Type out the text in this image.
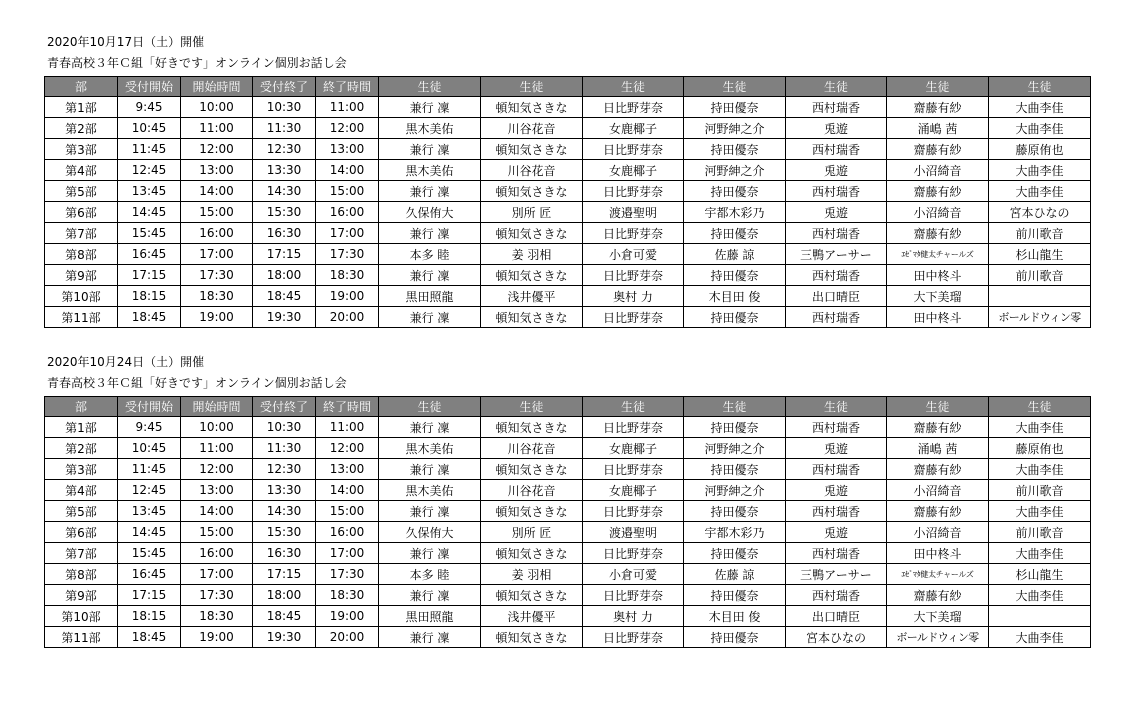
2020年10月17日（土）開催
青春高校３年Ｃ組「好きです」オンライン個別お話し会
部	受付開始	開始時間	受付終了	終了時間	生徒	生徒	生徒	生徒	生徒	生徒	生徒
第1部	9:45	10:00	10:30	11:00	兼行 凜	頓知気さきな	日比野芽奈	持田優奈	西村瑞香	齋藤有紗	大曲李佳
第2部	10:45	11:00	11:30	12:00	黒木美佑	川谷花音	女鹿椰子	河野紳之介	兎遊	涌嶋 茜	大曲李佳
第3部	11:45	12:00	12:30	13:00	兼行 凜	頓知気さきな	日比野芽奈	持田優奈	西村瑞香	齋藤有紗	藤原侑也
第4部	12:45	13:00	13:30	14:00	黒木美佑	川谷花音	女鹿椰子	河野紳之介	兎遊	小沼綺音	大曲李佳
第5部	13:45	14:00	14:30	15:00	兼行 凜	頓知気さきな	日比野芽奈	持田優奈	西村瑞香	齋藤有紗	大曲李佳
第6部	14:45	15:00	15:30	16:00	久保侑大	別所 匠	渡邉聖明	宇都木彩乃	兎遊	小沼綺音	宮本ひなの
第7部	15:45	16:00	16:30	17:00	兼行 凜	頓知気さきな	日比野芽奈	持田優奈	西村瑞香	齋藤有紗	前川歌音
第8部	16:45	17:00	17:15	17:30	本多 睦	姜 羽相	小倉可愛	佐藤 諒	三鴨アーサー	ｴｾﾞﾏﾀ健太チャールズ	杉山龍生
第9部	17:15	17:30	18:00	18:30	兼行 凜	頓知気さきな	日比野芽奈	持田優奈	西村瑞香	田中柊斗	前川歌音
第10部	18:15	18:30	18:45	19:00	黒田照龍	浅井優平	奥村 力	木目田 俊	出口晴臣	大下美瑠	
第11部	18:45	19:00	19:30	20:00	兼行 凜	頓知気さきな	日比野芽奈	持田優奈	西村瑞香	田中柊斗	ボールドウィン零
2020年10月24日（土）開催
青春高校３年Ｃ組「好きです」オンライン個別お話し会
部	受付開始	開始時間	受付終了	終了時間	生徒	生徒	生徒	生徒	生徒	生徒	生徒
第1部	9:45	10:00	10:30	11:00	兼行 凜	頓知気さきな	日比野芽奈	持田優奈	西村瑞香	齋藤有紗	大曲李佳
第2部	10:45	11:00	11:30	12:00	黒木美佑	川谷花音	女鹿椰子	河野紳之介	兎遊	涌嶋 茜	藤原侑也
第3部	11:45	12:00	12:30	13:00	兼行 凜	頓知気さきな	日比野芽奈	持田優奈	西村瑞香	齋藤有紗	大曲李佳
第4部	12:45	13:00	13:30	14:00	黒木美佑	川谷花音	女鹿椰子	河野紳之介	兎遊	小沼綺音	前川歌音
第5部	13:45	14:00	14:30	15:00	兼行 凜	頓知気さきな	日比野芽奈	持田優奈	西村瑞香	齋藤有紗	大曲李佳
第6部	14:45	15:00	15:30	16:00	久保侑大	別所 匠	渡邉聖明	宇都木彩乃	兎遊	小沼綺音	前川歌音
第7部	15:45	16:00	16:30	17:00	兼行 凜	頓知気さきな	日比野芽奈	持田優奈	西村瑞香	田中柊斗	大曲李佳
第8部	16:45	17:00	17:15	17:30	本多 睦	姜 羽相	小倉可愛	佐藤 諒	三鴨アーサー	ｴｾﾞﾏﾀ健太チャールズ	杉山龍生
第9部	17:15	17:30	18:00	18:30	兼行 凜	頓知気さきな	日比野芽奈	持田優奈	西村瑞香	齋藤有紗	大曲李佳
第10部	18:15	18:30	18:45	19:00	黒田照龍	浅井優平	奥村 力	木目田 俊	出口晴臣	大下美瑠	
第11部	18:45	19:00	19:30	20:00	兼行 凜	頓知気さきな	日比野芽奈	持田優奈	宮本ひなの	ボールドウィン零	大曲李佳
